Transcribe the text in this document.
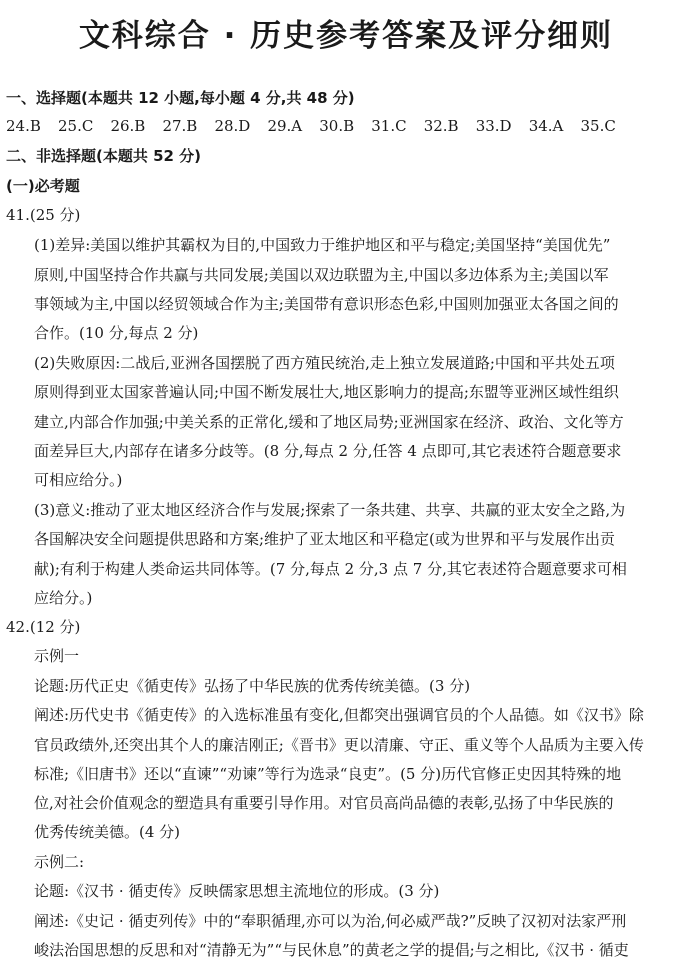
文科综合 · 历史参考答案及评分细则
一、选择题(本题共 12 小题,每小题 4 分,共 48 分)
24.B 25.C 26.B 27.B 28.D 29.A 30.B 31.C 32.B 33.D 34.A 35.C
二、非选择题(本题共 52 分)
(一)必考题
41.(25 分)
(1)差异:美国以维护其霸权为目的,中国致力于维护地区和平与稳定;美国坚持“美国优先”
原则,中国坚持合作共赢与共同发展;美国以双边联盟为主,中国以多边体系为主;美国以军
事领域为主,中国以经贸领域合作为主;美国带有意识形态色彩,中国则加强亚太各国之间的
合作。(10 分,每点 2 分)
(2)失败原因:二战后,亚洲各国摆脱了西方殖民统治,走上独立发展道路;中国和平共处五项
原则得到亚太国家普遍认同;中国不断发展壮大,地区影响力的提高;东盟等亚洲区域性组织
建立,内部合作加强;中美关系的正常化,缓和了地区局势;亚洲国家在经济、政治、文化等方
面差异巨大,内部存在诸多分歧等。(8 分,每点 2 分,任答 4 点即可,其它表述符合题意要求
可相应给分。)
(3)意义:推动了亚太地区经济合作与发展;探索了一条共建、共享、共赢的亚太安全之路,为
各国解决安全问题提供思路和方案;维护了亚太地区和平稳定(或为世界和平与发展作出贡
献);有利于构建人类命运共同体等。(7 分,每点 2 分,3 点 7 分,其它表述符合题意要求可相
应给分。)
42.(12 分)
示例一
论题:历代正史《循吏传》弘扬了中华民族的优秀传统美德。(3 分)
阐述:历代史书《循吏传》的入选标准虽有变化,但都突出强调官员的个人品德。如《汉书》除
官员政绩外,还突出其个人的廉洁刚正;《晋书》更以清廉、守正、重义等个人品质为主要入传
标准;《旧唐书》还以“直谏”“劝谏”等行为选录“良吏”。(5 分)历代官修正史因其特殊的地
位,对社会价值观念的塑造具有重要引导作用。对官员高尚品德的表彰,弘扬了中华民族的
优秀传统美德。(4 分)
示例二:
论题:《汉书 · 循吏传》反映儒家思想主流地位的形成。(3 分)
阐述:《史记 · 循吏列传》中的“奉职循理,亦可以为治,何必威严哉?”反映了汉初对法家严刑
峻法治国思想的反思和对“清静无为”“与民休息”的黄老之学的提倡;与之相比,《汉书 · 循吏
